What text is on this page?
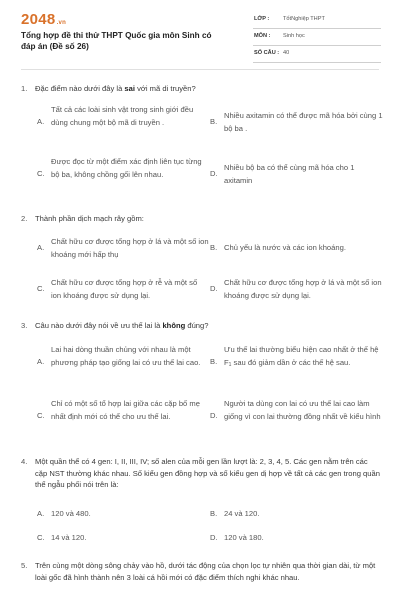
2048.vn
Tổng hợp đề thi thử THPT Quốc gia môn Sinh có đáp án (Đề số 26)
LỚP : TốtNghiệp THPT
MÔN : Sinh học
SỐ CÂU : 40
1. Đặc điểm nào dưới đây là sai với mã di truyền?
A.
Tất cả các loài sinh vật trong sinh giới đều dùng chung một bộ mã di truyền .	B.
Nhiều axitamin có thể được mã hóa bởi cùng 1 bộ ba .
C.
Được đọc từ một điểm xác định liên tục từng bộ ba, không chồng gối lên nhau.	D.
Nhiều bộ ba có thể cùng mã hóa cho 1 axitamin
2. Thành phần dịch mạch rây gồm:
A.
Chất hữu cơ được tổng hợp ở lá và một số ion khoáng mới hấp thụ
B. Chủ yếu là nước và các ion khoáng.
C.
Chất hữu cơ được tổng hợp ở rễ và một số ion khoáng được sử dụng lại.
D.
Chất hữu cơ được tổng hợp ở lá và một số ion khoáng được sử dụng lại.
3. Câu nào dưới đây nói về ưu thế lai là không đúng?
A.
Lai hai dòng thuần chủng với nhau là một phương pháp tạo giống lai có ưu thế lai cao.	B.
Ưu thế lai thường biểu hiện cao nhất ở thế hệ $F_1$ sau đó giảm dần ở các thế hệ sau.
C.
Chỉ có một số tổ hợp lai giữa các cặp bố mẹ nhất định mới có thể cho ưu thế lai.	D.
Người ta dùng con lai có ưu thế lai cao làm giống vì con lai thường đồng nhất về kiểu hình
4. Một quần thể có 4 gen: I, II, III, IV; số alen của mỗi gen lần lượt là: 2, 3, 4, 5. Các gen nằm trên các cặp NST thường khác nhau. Số kiểu gen đồng hợp và số kiểu gen dị hợp về tất cả các gen trong quần thể ngẫu phối nói trên là:
A. 120 và 480.	B. 24 và 120.
C. 14 và 120.	D. 120 và 180.
5. Trên cùng một dòng sông chảy vào hồ, dưới tác động của chọn lọc tự nhiên qua thời gian dài, từ một loài gốc đã hình thành nên 3 loài cá hồi mới có đặc điểm thích nghi khác nhau.
